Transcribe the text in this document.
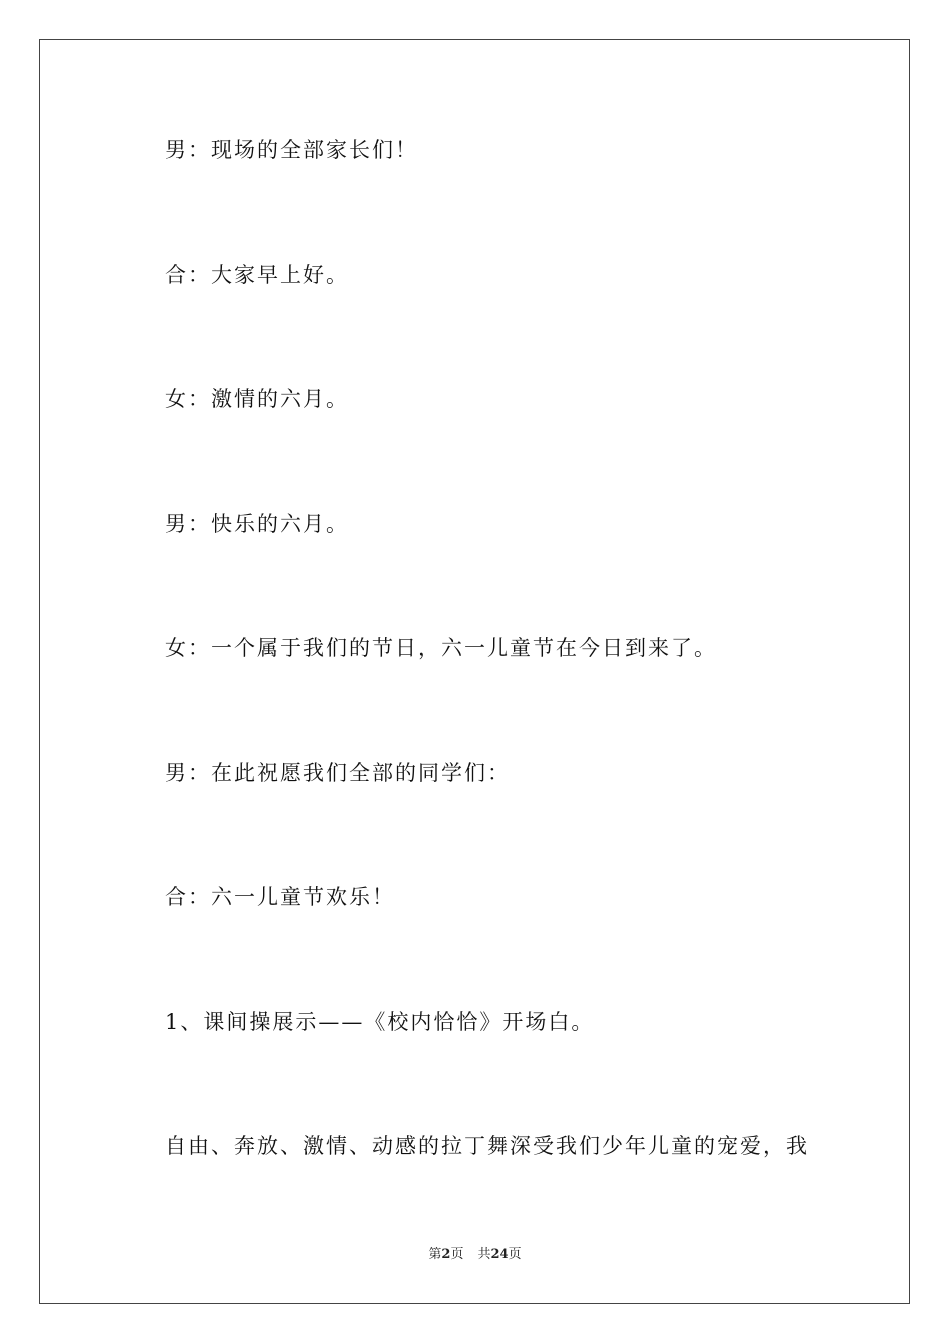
男：现场的全部家长们！
合：大家早上好。
女：激情的六月。
男：快乐的六月。
女：一个属于我们的节日，六一儿童节在今日到来了。
男：在此祝愿我们全部的同学们：
合：六一儿童节欢乐！
1、课间操展示——《校内恰恰》开场白。
自由、奔放、激情、动感的拉丁舞深受我们少年儿童的宠爱，我
第2页 共24页
